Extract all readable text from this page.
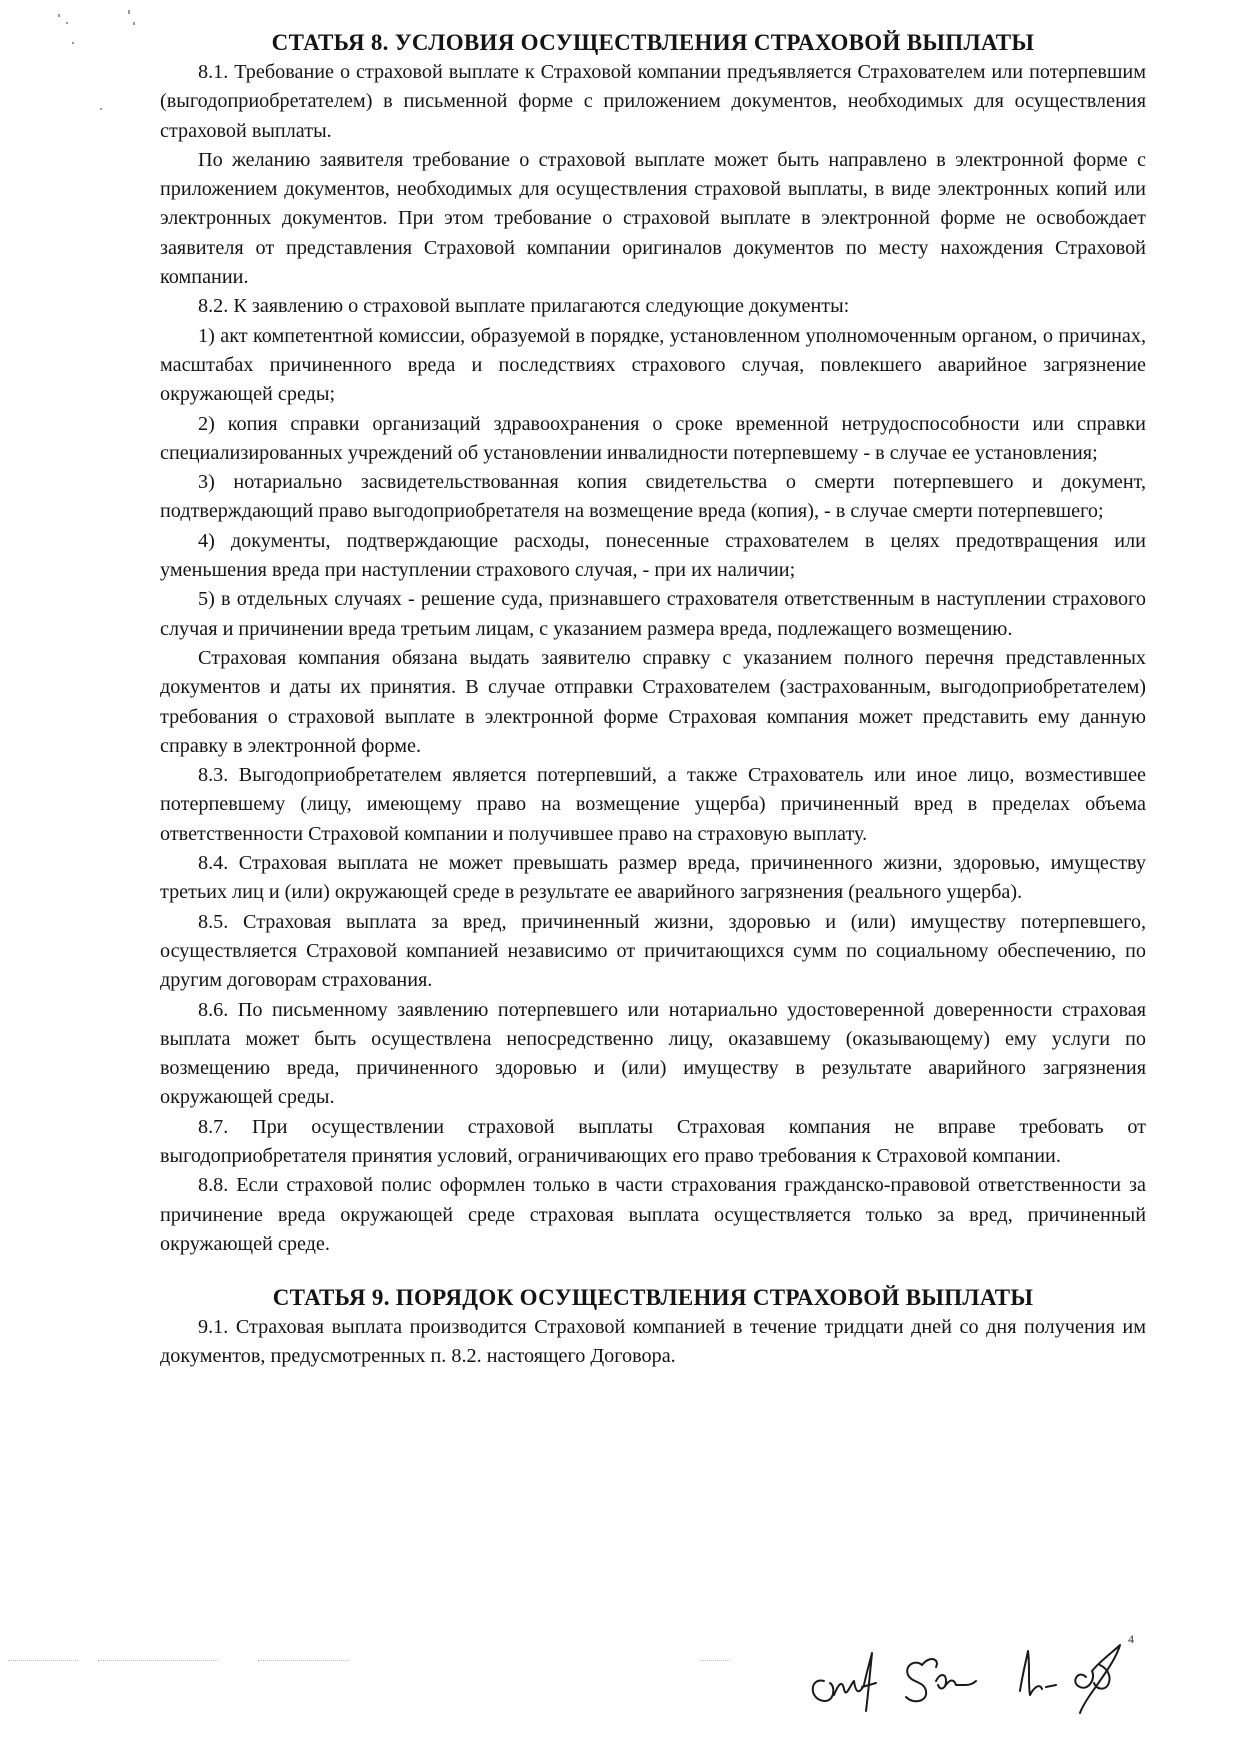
СТАТЬЯ 8. УСЛОВИЯ ОСУЩЕСТВЛЕНИЯ СТРАХОВОЙ ВЫПЛАТЫ

8.1. Требование о страховой выплате к Страховой компании предъявляется Страхователем или потерпевшим (выгодоприобретателем) в письменной форме с приложением документов, необходимых для осуществления страховой выплаты.

По желанию заявителя требование о страховой выплате может быть направлено в электронной форме с приложением документов, необходимых для осуществления страховой выплаты, в виде электронных копий или электронных документов. При этом требование о страховой выплате в электронной форме не освобождает заявителя от представления Страховой компании оригиналов документов по месту нахождения Страховой компании.

8.2. К заявлению о страховой выплате прилагаются следующие документы:

1) акт компетентной комиссии, образуемой в порядке, установленном уполномоченным органом, о причинах, масштабах причиненного вреда и последствиях страхового случая, повлекшего аварийное загрязнение окружающей среды;

2) копия справки организаций здравоохранения о сроке временной нетрудоспособности или справки специализированных учреждений об установлении инвалидности потерпевшему - в случае ее установления;

3) нотариально засвидетельствованная копия свидетельства о смерти потерпевшего и документ, подтверждающий право выгодоприобретателя на возмещение вреда (копия), - в случае смерти потерпевшего;

4) документы, подтверждающие расходы, понесенные страхователем в целях предотвращения или уменьшения вреда при наступлении страхового случая, - при их наличии;

5) в отдельных случаях - решение суда, признавшего страхователя ответственным в наступлении страхового случая и причинении вреда третьим лицам, с указанием размера вреда, подлежащего возмещению.

Страховая компания обязана выдать заявителю справку с указанием полного перечня представленных документов и даты их принятия. В случае отправки Страхователем (застрахованным, выгодоприобретателем) требования о страховой выплате в электронной форме Страховая компания может представить ему данную справку в электронной форме.

8.3. Выгодоприобретателем является потерпевший, а также Страхователь или иное лицо, возместившее потерпевшему (лицу, имеющему право на возмещение ущерба) причиненный вред в пределах объема ответственности Страховой компании и получившее право на страховую выплату.

8.4. Страховая выплата не может превышать размер вреда, причиненного жизни, здоровью, имуществу третьих лиц и (или) окружающей среде в результате ее аварийного загрязнения (реального ущерба).

8.5. Страховая выплата за вред, причиненный жизни, здоровью и (или) имуществу потерпевшего, осуществляется Страховой компанией независимо от причитающихся сумм по социальному обеспечению, по другим договорам страхования.

8.6. По письменному заявлению потерпевшего или нотариально удостоверенной доверенности страховая выплата может быть осуществлена непосредственно лицу, оказавшему (оказывающему) ему услуги по возмещению вреда, причиненного здоровью и (или) имуществу в результате аварийного загрязнения окружающей среды.

8.7. При осуществлении страховой выплаты Страховая компания не вправе требовать от выгодоприобретателя принятия условий, ограничивающих его право требования к Страховой компании.

8.8. Если страховой полис оформлен только в части страхования гражданско-правовой ответственности за причинение вреда окружающей среде страховая выплата осуществляется только за вред, причиненный окружающей среде.

СТАТЬЯ 9. ПОРЯДОК ОСУЩЕСТВЛЕНИЯ СТРАХОВОЙ ВЫПЛАТЫ

9.1. Страховая выплата производится Страховой компанией в течение тридцати дней со дня получения им документов, предусмотренных п. 8.2. настоящего Договора.

4
